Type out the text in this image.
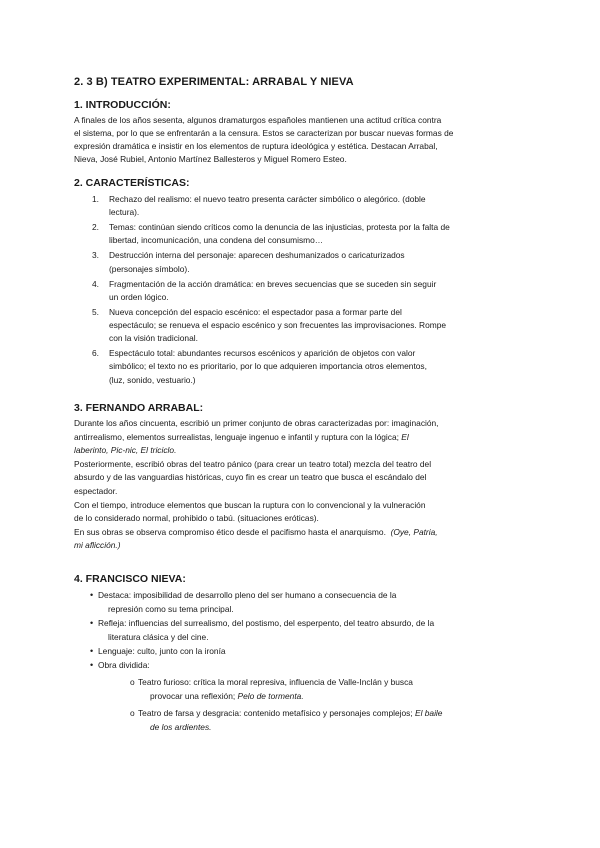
2. 3 B) TEATRO EXPERIMENTAL: ARRABAL Y NIEVA
1. INTRODUCCIÓN:

A finales de los años sesenta, algunos dramaturgos españoles mantienen una actitud crítica contra

el sistema, por lo que se enfrentarán a la censura. Estos se caracterizan por buscar nuevas formas de

expresión dramática e insistir en los elementos de ruptura ideológica y estética. Destacan Arrabal,

Nieva, José Rubiel, Antonio Martínez Ballesteros y Miguel Romero Esteo.

2. CARACTERÍSTICAS:
1. Rechazo del realismo: el nuevo teatro presenta carácter simbólico o alegórico. (doble
lectura).
2. Temas: continúan siendo críticos como la denuncia de las injusticias, protesta por la falta de
libertad, incomunicación, una condena del consumismo…
3. Destrucción interna del personaje: aparecen deshumanizados o caricaturizados
(personajes símbolo).
4. Fragmentación de la acción dramática: en breves secuencias que se suceden sin seguir
un orden lógico.
5. Nueva concepción del espacio escénico: el espectador pasa a formar parte del
espectáculo; se renueva el espacio escénico y son frecuentes las improvisaciones. Rompe
con la visión tradicional.
6. Espectáculo total: abundantes recursos escénicos y aparición de objetos con valor
simbólico; el texto no es prioritario, por lo que adquieren importancia otros elementos,
(luz, sonido, vestuario.)
3. FERNANDO ARRABAL:

Durante los años cincuenta, escribió un primer conjunto de obras caracterizadas por: imaginación,

antirrealismo, elementos surrealistas, lenguaje ingenuo e infantil y ruptura con la lógica; El

laberinto, Pic-nic, El triciclo.

Posteriormente, escribió obras del teatro pánico (para crear un teatro total) mezcla del teatro del

absurdo y de las vanguardias históricas, cuyo fin es crear un teatro que busca el escándalo del

espectador.

Con el tiempo, introduce elementos que buscan la ruptura con lo convencional y la vulneración

de lo considerado normal, prohibido o tabú. (situaciones eróticas).

En sus obras se observa compromiso ético desde el pacifismo hasta el anarquismo. (Oye, Patria,

mi aflicción.)

4. FRANCISCO NIEVA:
• Destaca: imposibilidad de desarrollo pleno del ser humano a consecuencia de la
represión como su tema principal.
• Refleja: influencias del surrealismo, del postismo, del esperpento, del teatro absurdo, de la
literatura clásica y del cine.
• Lenguaje: culto, junto con la ironía
• Obra dividida:
o Teatro furioso: crítica la moral represiva, influencia de Valle-Inclán y busca
provocar una reflexión; Pelo de tormenta.
o Teatro de farsa y desgracia: contenido metafísico y personajes complejos; El baile
de los ardientes.
